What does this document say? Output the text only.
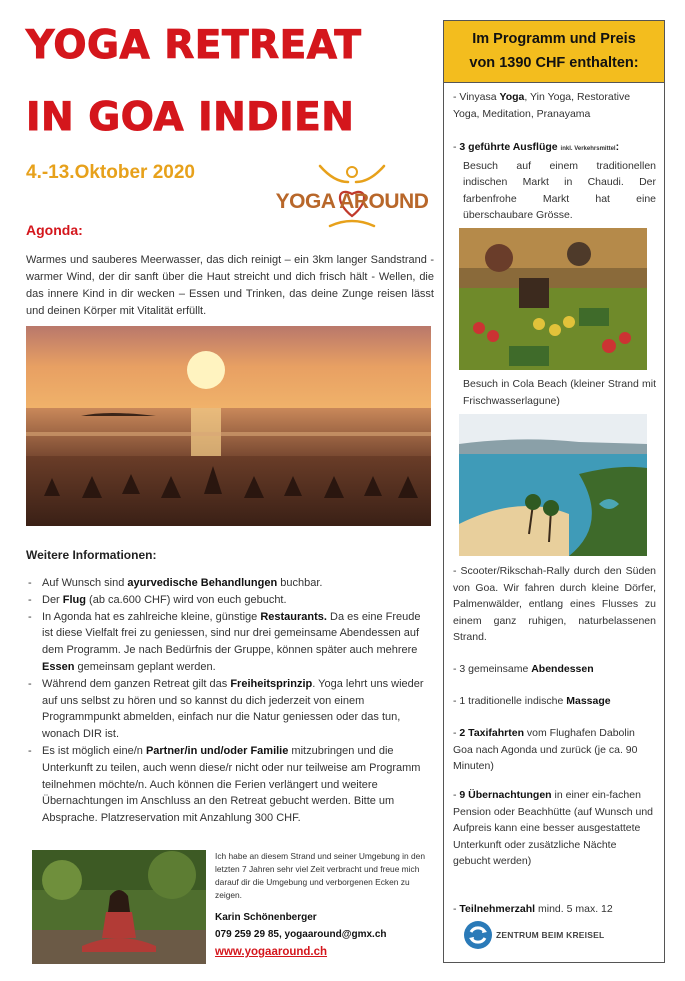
YOGA RETREAT
IN GOA INDIEN
4.-13.Oktober 2020
YOGA AROUND
Agonda:
Warmes und sauberes Meerwasser, das dich reinigt – ein 3km langer Sandstrand - warmer Wind, der dir sanft über die Haut streicht und dich frisch hält - Wellen, die das innere Kind in dir wecken – Essen und Trinken, das deine Zunge reisen lässt und deinen Körper mit Vitalität erfüllt.
Weitere Informationen:
- Auf Wunsch sind ayurvedische Behandlungen buchbar.
- Der Flug (ab ca.600 CHF) wird von euch gebucht.
- In Agonda hat es zahlreiche kleine, günstige Restaurants. Da es eine Freude ist diese Vielfalt frei zu geniessen, sind nur drei gemeinsame Abendessen auf dem Programm. Je nach Bedürfnis der Gruppe, können später auch mehrere Essen gemeinsam geplant werden.
- Während dem ganzen Retreat gilt das Freiheitsprinzip. Yoga lehrt uns wieder auf uns selbst zu hören und so kannst du dich jederzeit von einem Programmpunkt abmelden, einfach nur die Natur geniessen oder das tun, wonach DIR ist.
- Es ist möglich eine/n Partner/in und/oder Familie mitzubringen und die Unterkunft zu teilen, auch wenn diese/r nicht oder nur teilweise am Programm teilnehmen möchte/n. Auch können die Ferien verlängert und weitere Übernachtungen im Anschluss an den Retreat gebucht werden. Bitte um Absprache. Platzreservation mit Anzahlung 300 CHF.
Ich habe an diesem Strand und seiner Umgebung in den letzten 7 Jahren sehr viel Zeit verbracht und freue mich darauf dir die Umgebung und verborgenen Ecken zu zeigen.
Karin Schönenberger
079 259 29 85, yogaaround@gmx.ch
www.yogaaround.ch
Im Programm und Preis
von 1390 CHF enthalten:
- Vinyasa Yoga, Yin Yoga, Restorative Yoga, Meditation, Pranayama
- 3 geführte Ausflüge inkl. Verkehrsmittel:
Besuch auf einem traditionellen indischen Markt in Chaudi. Der farbenfrohe Markt hat eine überschaubare Grösse.
Besuch in Cola Beach (kleiner Strand mit Frischwasserlagune)
- Scooter/Rikschah-Rally durch den Süden von Goa. Wir fahren durch kleine Dörfer, Palmenwälder, entlang eines Flusses zu einem ganz ruhigen, naturbelassenen Strand.
- 3 gemeinsame Abendessen
- 1 traditionelle indische Massage
- 2 Taxifahrten vom Flughafen Dabolin Goa nach Agonda und zurück (je ca. 90 Minuten)
- 9 Übernachtungen in einer ein-fachen Pension oder Beachhütte (auf Wunsch und Aufpreis kann eine besser ausgestattete Unterkunft oder zusätzliche Nächte gebucht werden)
- Teilnehmerzahl mind. 5 max. 12
ZENTRUM BEIM KREISEL
